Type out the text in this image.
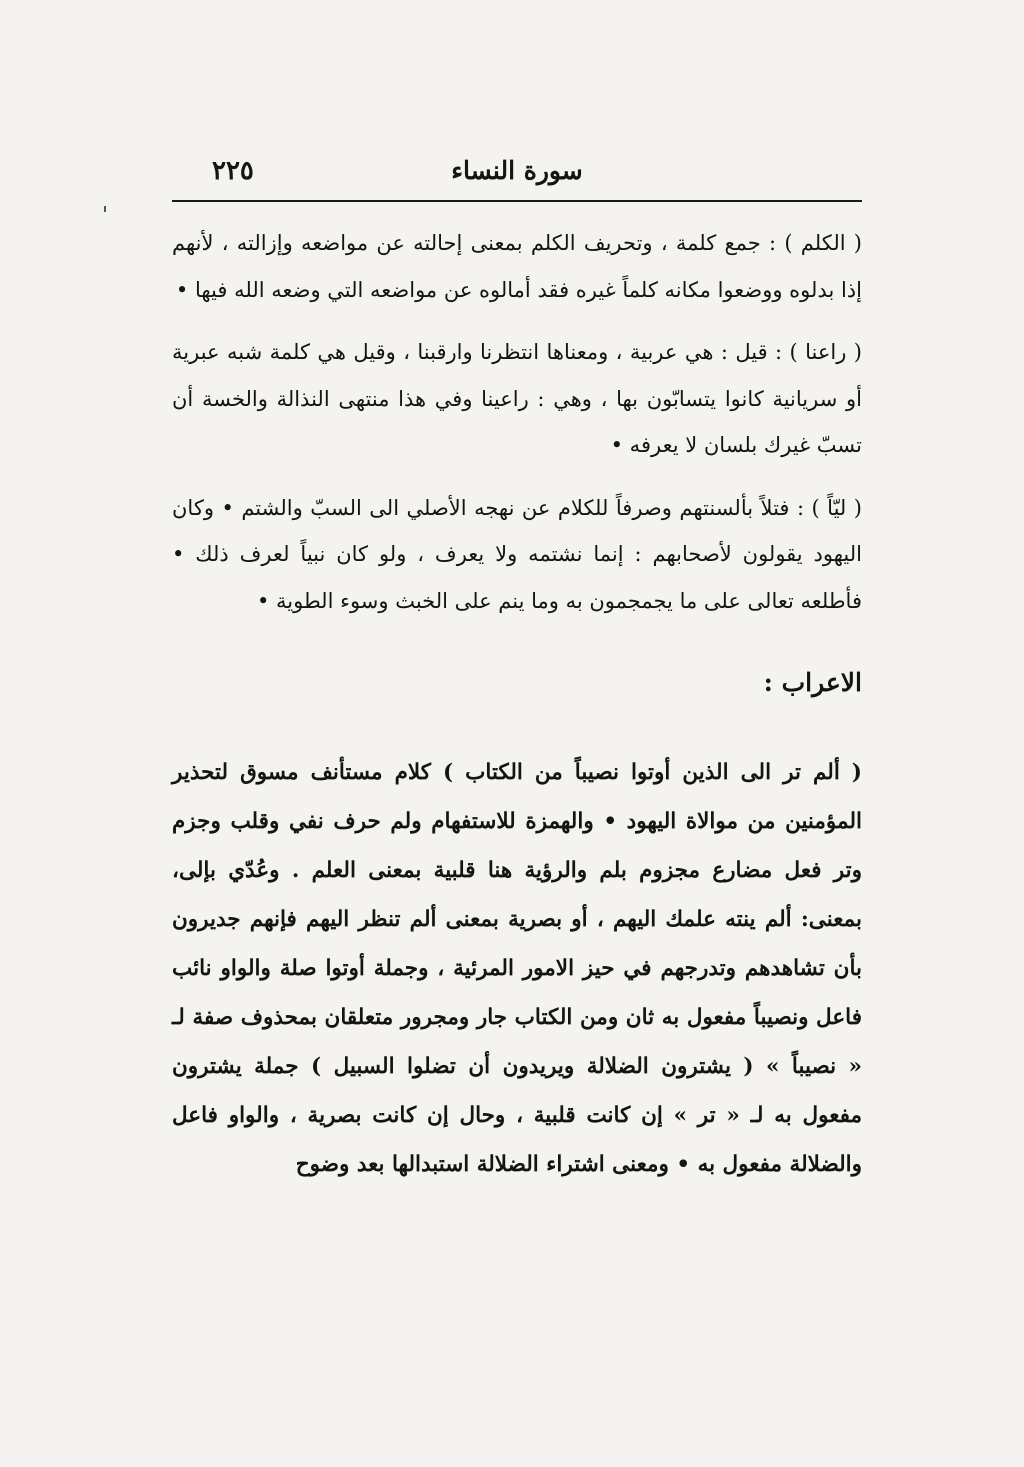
سورة النساء
٢٢٥

( الكلم ) : جمع كلمة ، وتحريف الكلم بمعنى إحالته عن مواضعه وإزالته ، لأنهم إذا بدلوه ووضعوا مكانه كلماً غيره فقد أمالوه عن مواضعه التي وضعه الله فيها •

( راعنا ) : قيل : هي عربية ، ومعناها انتظرنا وارقبنا ، وقيل هي كلمة شبه عبرية أو سريانية كانوا يتسابّون بها ، وهي : راعينا وفي هذا منتهى النذالة والخسة أن تسبّ غيرك بلسان لا يعرفه •

( ليّاً ) : فتلاً بألسنتهم وصرفاً للكلام عن نهجه الأصلي الى السبّ والشتم • وكان اليهود يقولون لأصحابهم : إنما نشتمه ولا يعرف ، ولو كان نبياً لعرف ذلك • فأطلعه تعالى على ما يجمجمون به وما ينم على الخبث وسوء الطوية •

الاعراب :

( ألم تر الى الذين أوتوا نصيباً من الكتاب ) كلام مستأنف مسوق لتحذير المؤمنين من موالاة اليهود • والهمزة للاستفهام ولم حرف نفي وقلب وجزم وتر فعل مضارع مجزوم بلم والرؤية هنا قلبية بمعنى العلم . وعُدّي بإلى، بمعنى: ألم ينته علمك اليهم ، أو بصرية بمعنى ألم تنظر اليهم فإنهم جديرون بأن تشاهدهم وتدرجهم في حيز الامور المرئية ، وجملة أوتوا صلة والواو نائب فاعل ونصيباً مفعول به ثان ومن الكتاب جار ومجرور متعلقان بمحذوف صفة لـ « نصيباً » ( يشترون الضلالة ويريدون أن تضلوا السبيل ) جملة يشترون مفعول به لـ « تر » إن كانت قلبية ، وحال إن كانت بصرية ، والواو فاعل والضلالة مفعول به • ومعنى اشتراء الضلالة استبدالها بعد وضوح
